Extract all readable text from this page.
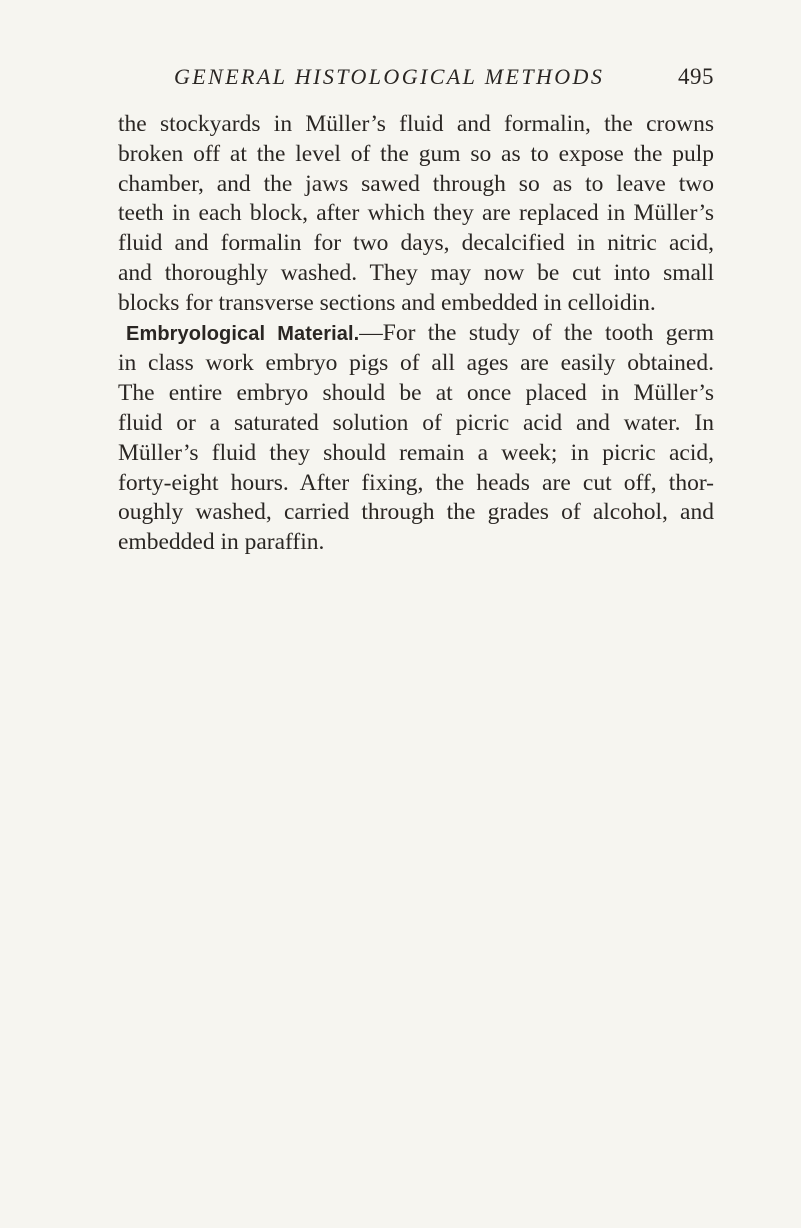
GENERAL HISTOLOGICAL METHODS	495
the stockyards in Müller’s fluid and formalin, the crowns
broken off at the level of the gum so as to expose the pulp
chamber, and the jaws sawed through so as to leave two
teeth in each block, after which they are replaced in Müller’s
fluid and formalin for two days, decalcified in nitric acid,
and thoroughly washed. They may now be cut into small
blocks for transverse sections and embedded in celloidin.
Embryological Material.—For the study of the tooth germ
in class work embryo pigs of all ages are easily obtained.
The entire embryo should be at once placed in Müller’s
fluid or a saturated solution of picric acid and water. In
Müller’s fluid they should remain a week; in picric acid,
forty-eight hours. After fixing, the heads are cut off, thor-
oughly washed, carried through the grades of alcohol, and
embedded in paraffin.
